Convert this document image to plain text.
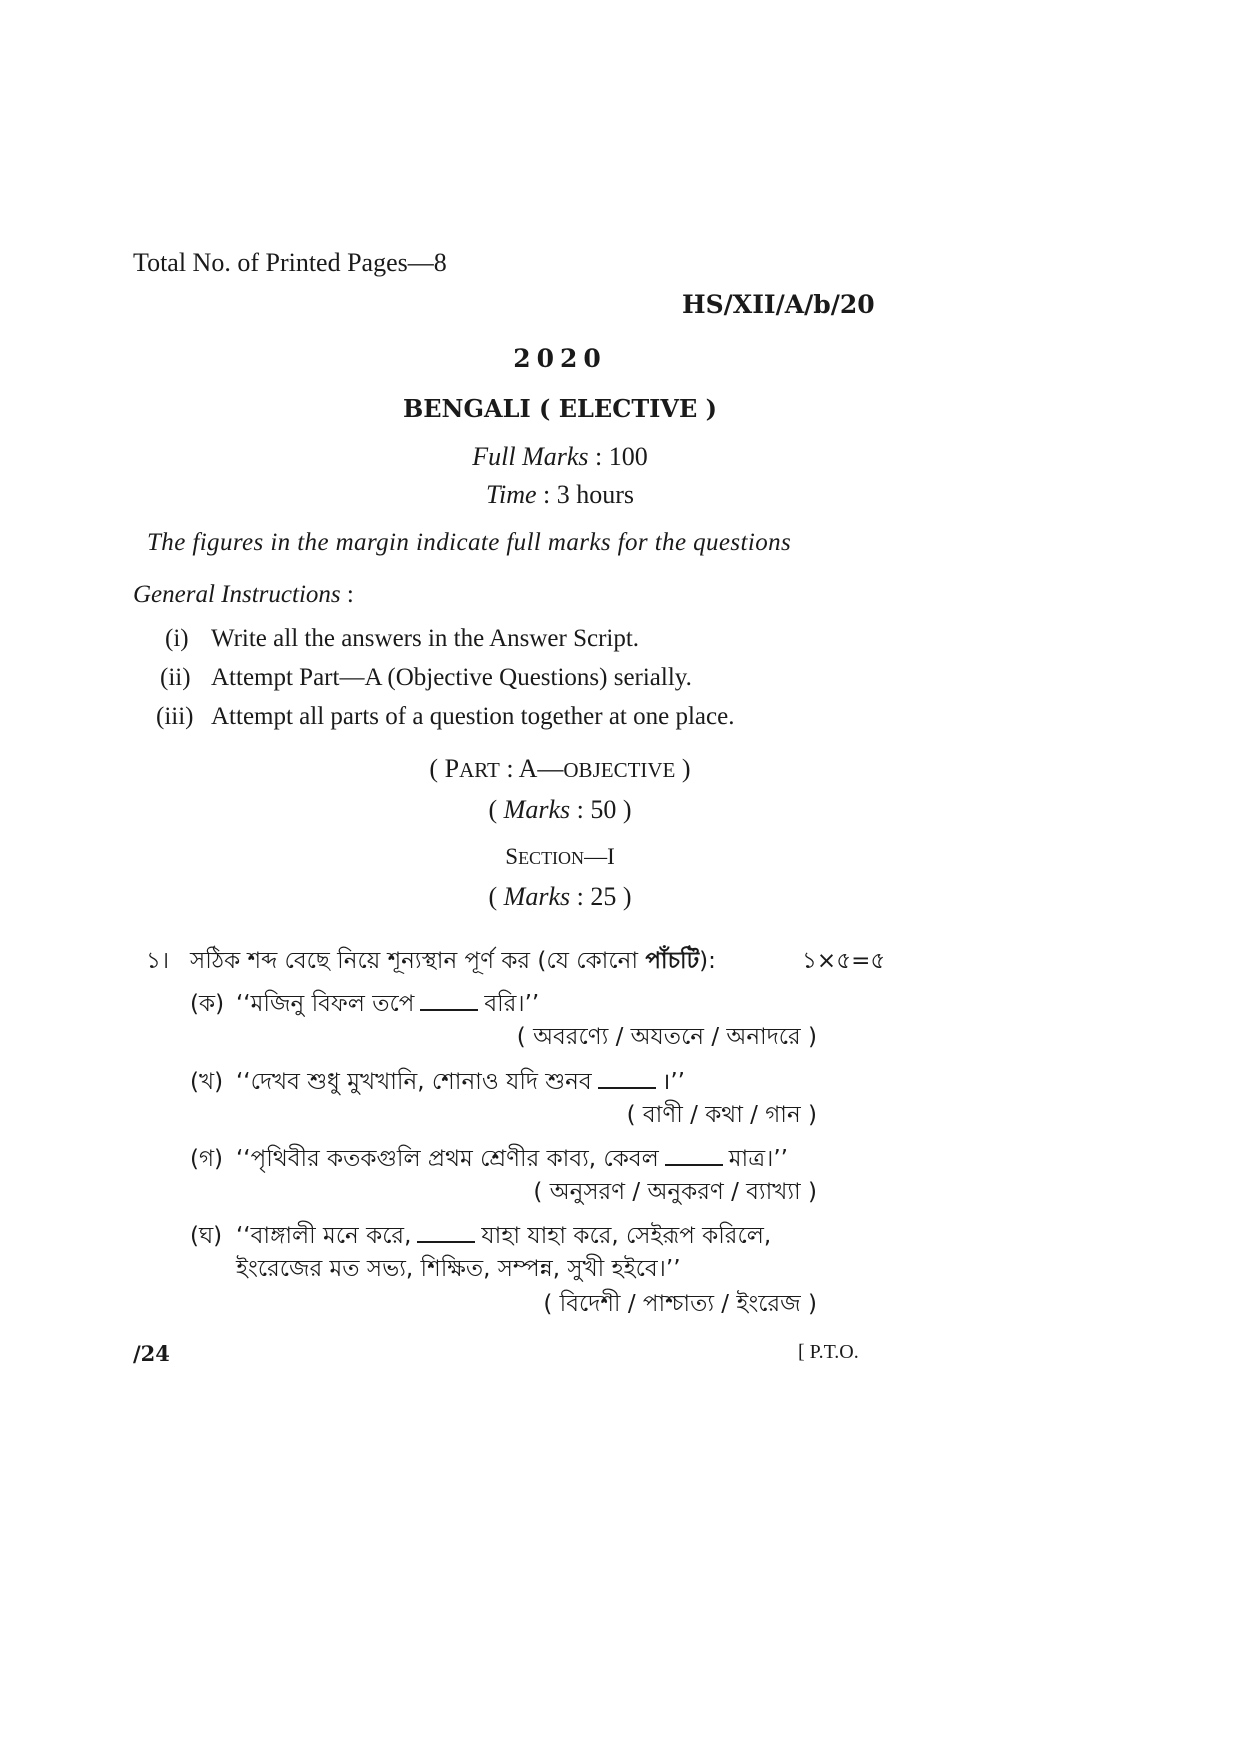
Total No. of Printed Pages—8
HS/XII/A/b/20
2020
BENGALI ( ELECTIVE )
Full Marks : 100
Time : 3 hours
The figures in the margin indicate full marks for the questions
General Instructions :
(i) Write all the answers in the Answer Script.
(ii) Attempt Part—A (Objective Questions) serially.
(iii) Attempt all parts of a question together at one place.
( PART : A—OBJECTIVE )
( Marks : 50 )
SECTION—I
( Marks : 25 )
১। সঠিক শব্দ বেছে নিয়ে শূন্যস্থান পূর্ণ কর (যে কোনো পাঁচটি):	১×৫=৫
(ক) ‘‘মজিনু বিফল তপে	বরি।’’
( অবরণ্যে / অযতনে / অনাদরে )
(খ) ‘‘দেখব শুধু মুখখানি, শোনাও যদি শুনব	।’’
( বাণী / কথা / গান )
(গ) ‘‘পৃথিবীর কতকগুলি প্রথম শ্রেণীর কাব্য, কেবল	মাত্র।’’
( অনুসরণ / অনুকরণ / ব্যাখ্যা )
(ঘ) ‘‘বাঙ্গালী মনে করে,	যাহা যাহা করে, সেইরূপ করিলে,
ইংরেজের মত সভ্য, শিক্ষিত, সম্পন্ন, সুখী হইবে।’’
( বিদেশী / পাশ্চাত্য / ইংরেজ )
/24	[ P.T.O.
